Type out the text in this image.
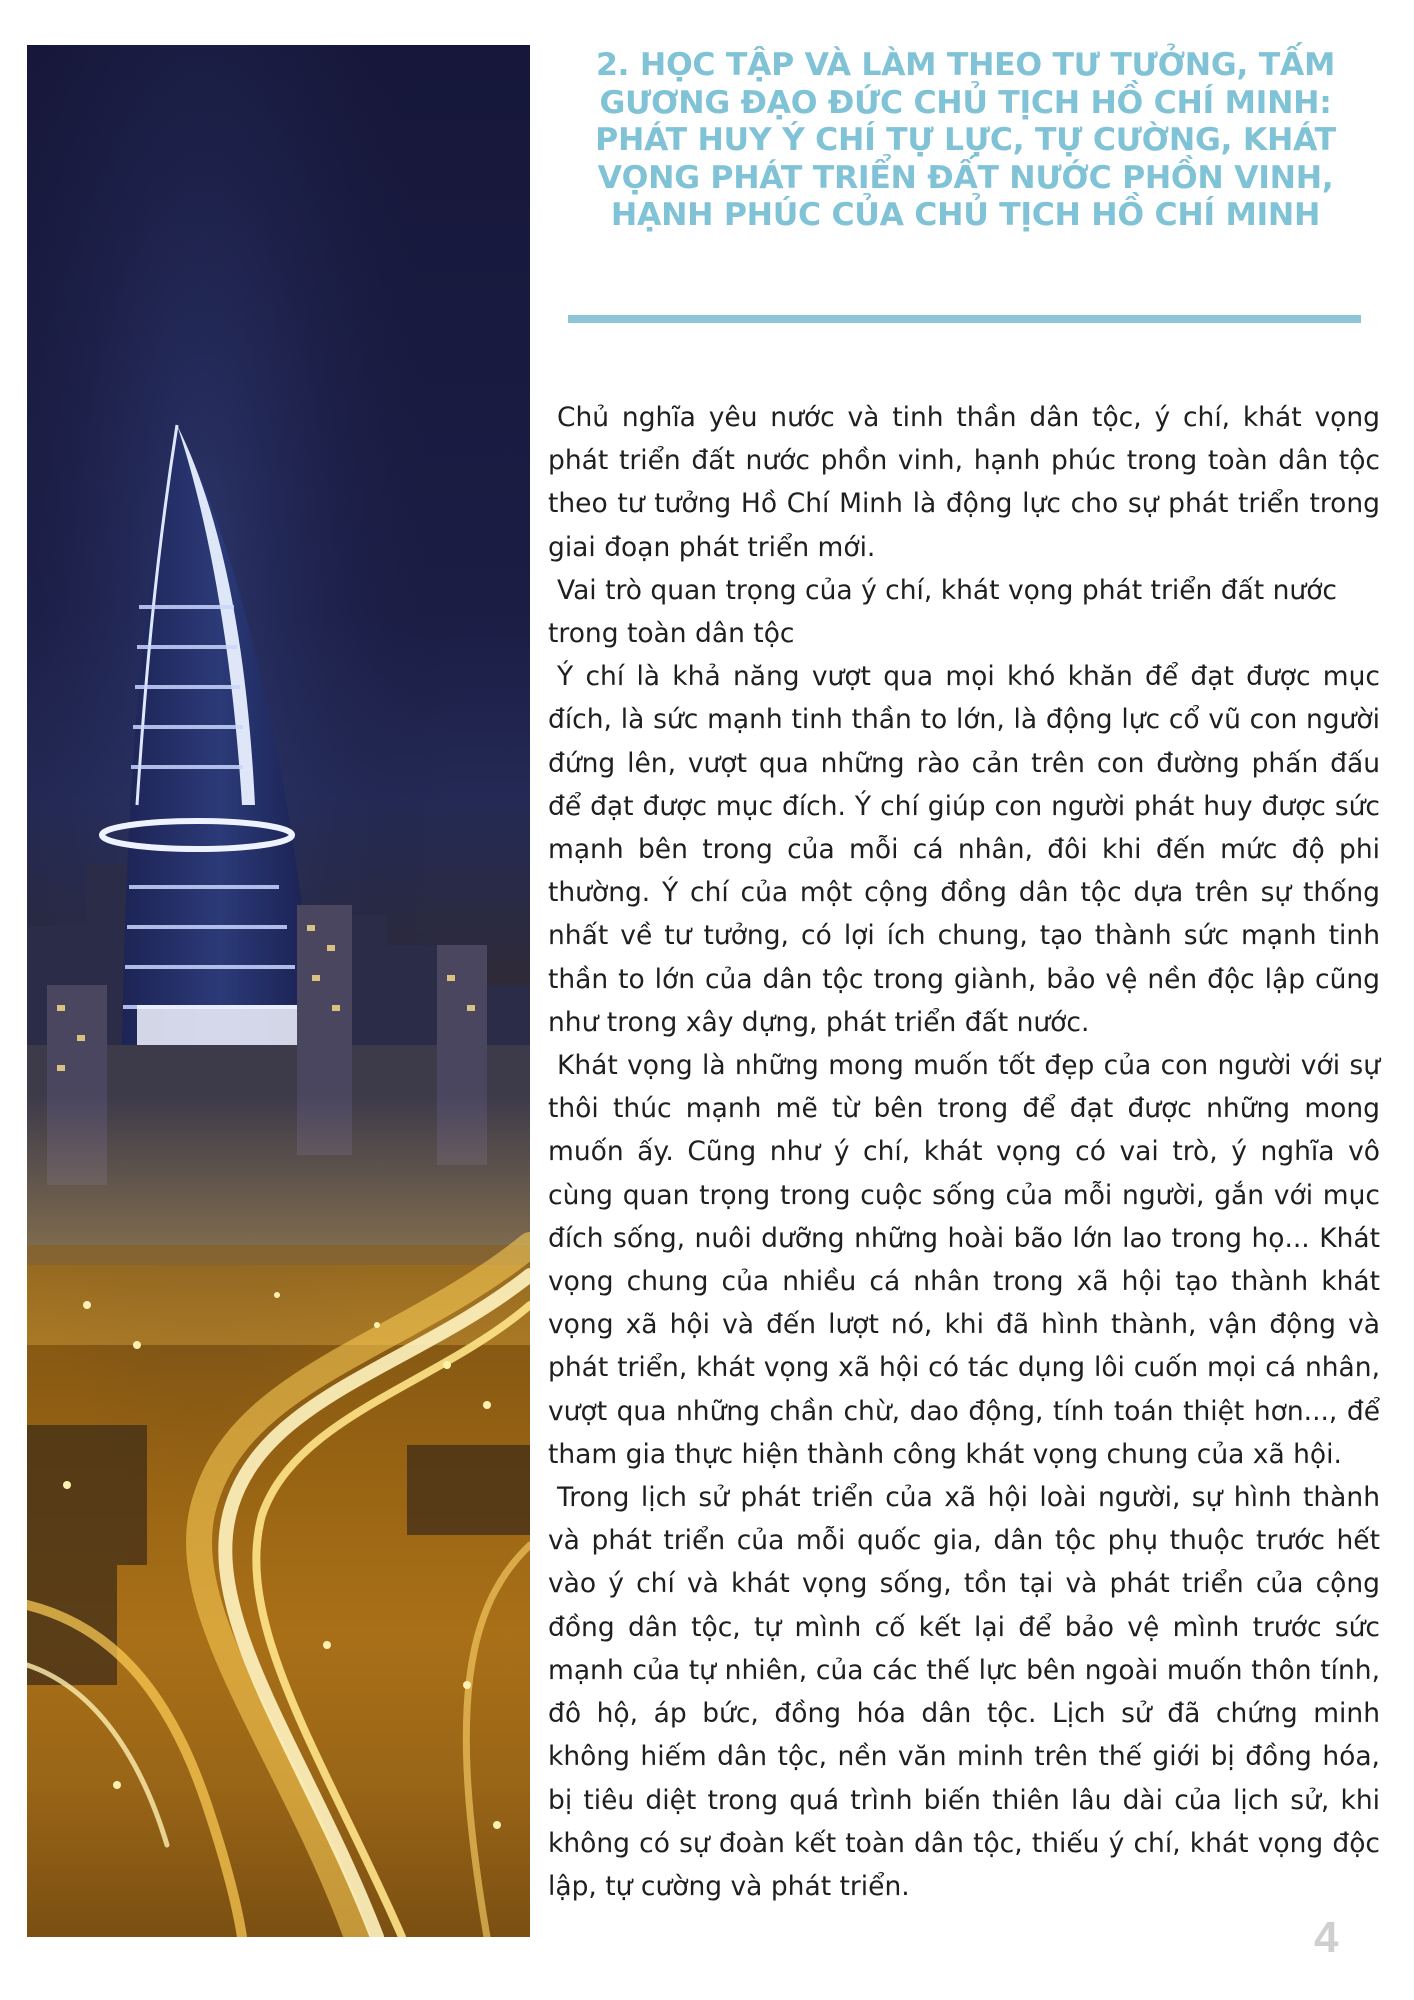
2. HỌC TẬP VÀ LÀM THEO TƯ TƯỞNG, TẤM GƯƠNG ĐẠO ĐỨC CHỦ TỊCH HỒ CHÍ MINH: PHÁT HUY Ý CHÍ TỰ LỰC, TỰ CƯỜNG, KHÁT VỌNG PHÁT TRIỂN ĐẤT NƯỚC PHỒN VINH, HẠNH PHÚC CỦA CHỦ TỊCH HỒ CHÍ MINH

Chủ nghĩa yêu nước và tinh thần dân tộc, ý chí, khát vọng phát triển đất nước phồn vinh, hạnh phúc trong toàn dân tộc theo tư tưởng Hồ Chí Minh là động lực cho sự phát triển trong giai đoạn phát triển mới.

Vai trò quan trọng của ý chí, khát vọng phát triển đất nước trong toàn dân tộc

Ý chí là khả năng vượt qua mọi khó khăn để đạt được mục đích, là sức mạnh tinh thần to lớn, là động lực cổ vũ con người đứng lên, vượt qua những rào cản trên con đường phấn đấu để đạt được mục đích. Ý chí giúp con người phát huy được sức mạnh bên trong của mỗi cá nhân, đôi khi đến mức độ phi thường. Ý chí của một cộng đồng dân tộc dựa trên sự thống nhất về tư tưởng, có lợi ích chung, tạo thành sức mạnh tinh thần to lớn của dân tộc trong giành, bảo vệ nền độc lập cũng như trong xây dựng, phát triển đất nước.

Khát vọng là những mong muốn tốt đẹp của con người với sự thôi thúc mạnh mẽ từ bên trong để đạt được những mong muốn ấy. Cũng như ý chí, khát vọng có vai trò, ý nghĩa vô cùng quan trọng trong cuộc sống của mỗi người, gắn với mục đích sống, nuôi dưỡng những hoài bão lớn lao trong họ... Khát vọng chung của nhiều cá nhân trong xã hội tạo thành khát vọng xã hội và đến lượt nó, khi đã hình thành, vận động và phát triển, khát vọng xã hội có tác dụng lôi cuốn mọi cá nhân, vượt qua những chần chừ, dao động, tính toán thiệt hơn..., để tham gia thực hiện thành công khát vọng chung của xã hội.

Trong lịch sử phát triển của xã hội loài người, sự hình thành và phát triển của mỗi quốc gia, dân tộc phụ thuộc trước hết vào ý chí và khát vọng sống, tồn tại và phát triển của cộng đồng dân tộc, tự mình cố kết lại để bảo vệ mình trước sức mạnh của tự nhiên, của các thế lực bên ngoài muốn thôn tính, đô hộ, áp bức, đồng hóa dân tộc. Lịch sử đã chứng minh không hiếm dân tộc, nền văn minh trên thế giới bị đồng hóa, bị tiêu diệt trong quá trình biến thiên lâu dài của lịch sử, khi không có sự đoàn kết toàn dân tộc, thiếu ý chí, khát vọng độc lập, tự cường và phát triển.

4
